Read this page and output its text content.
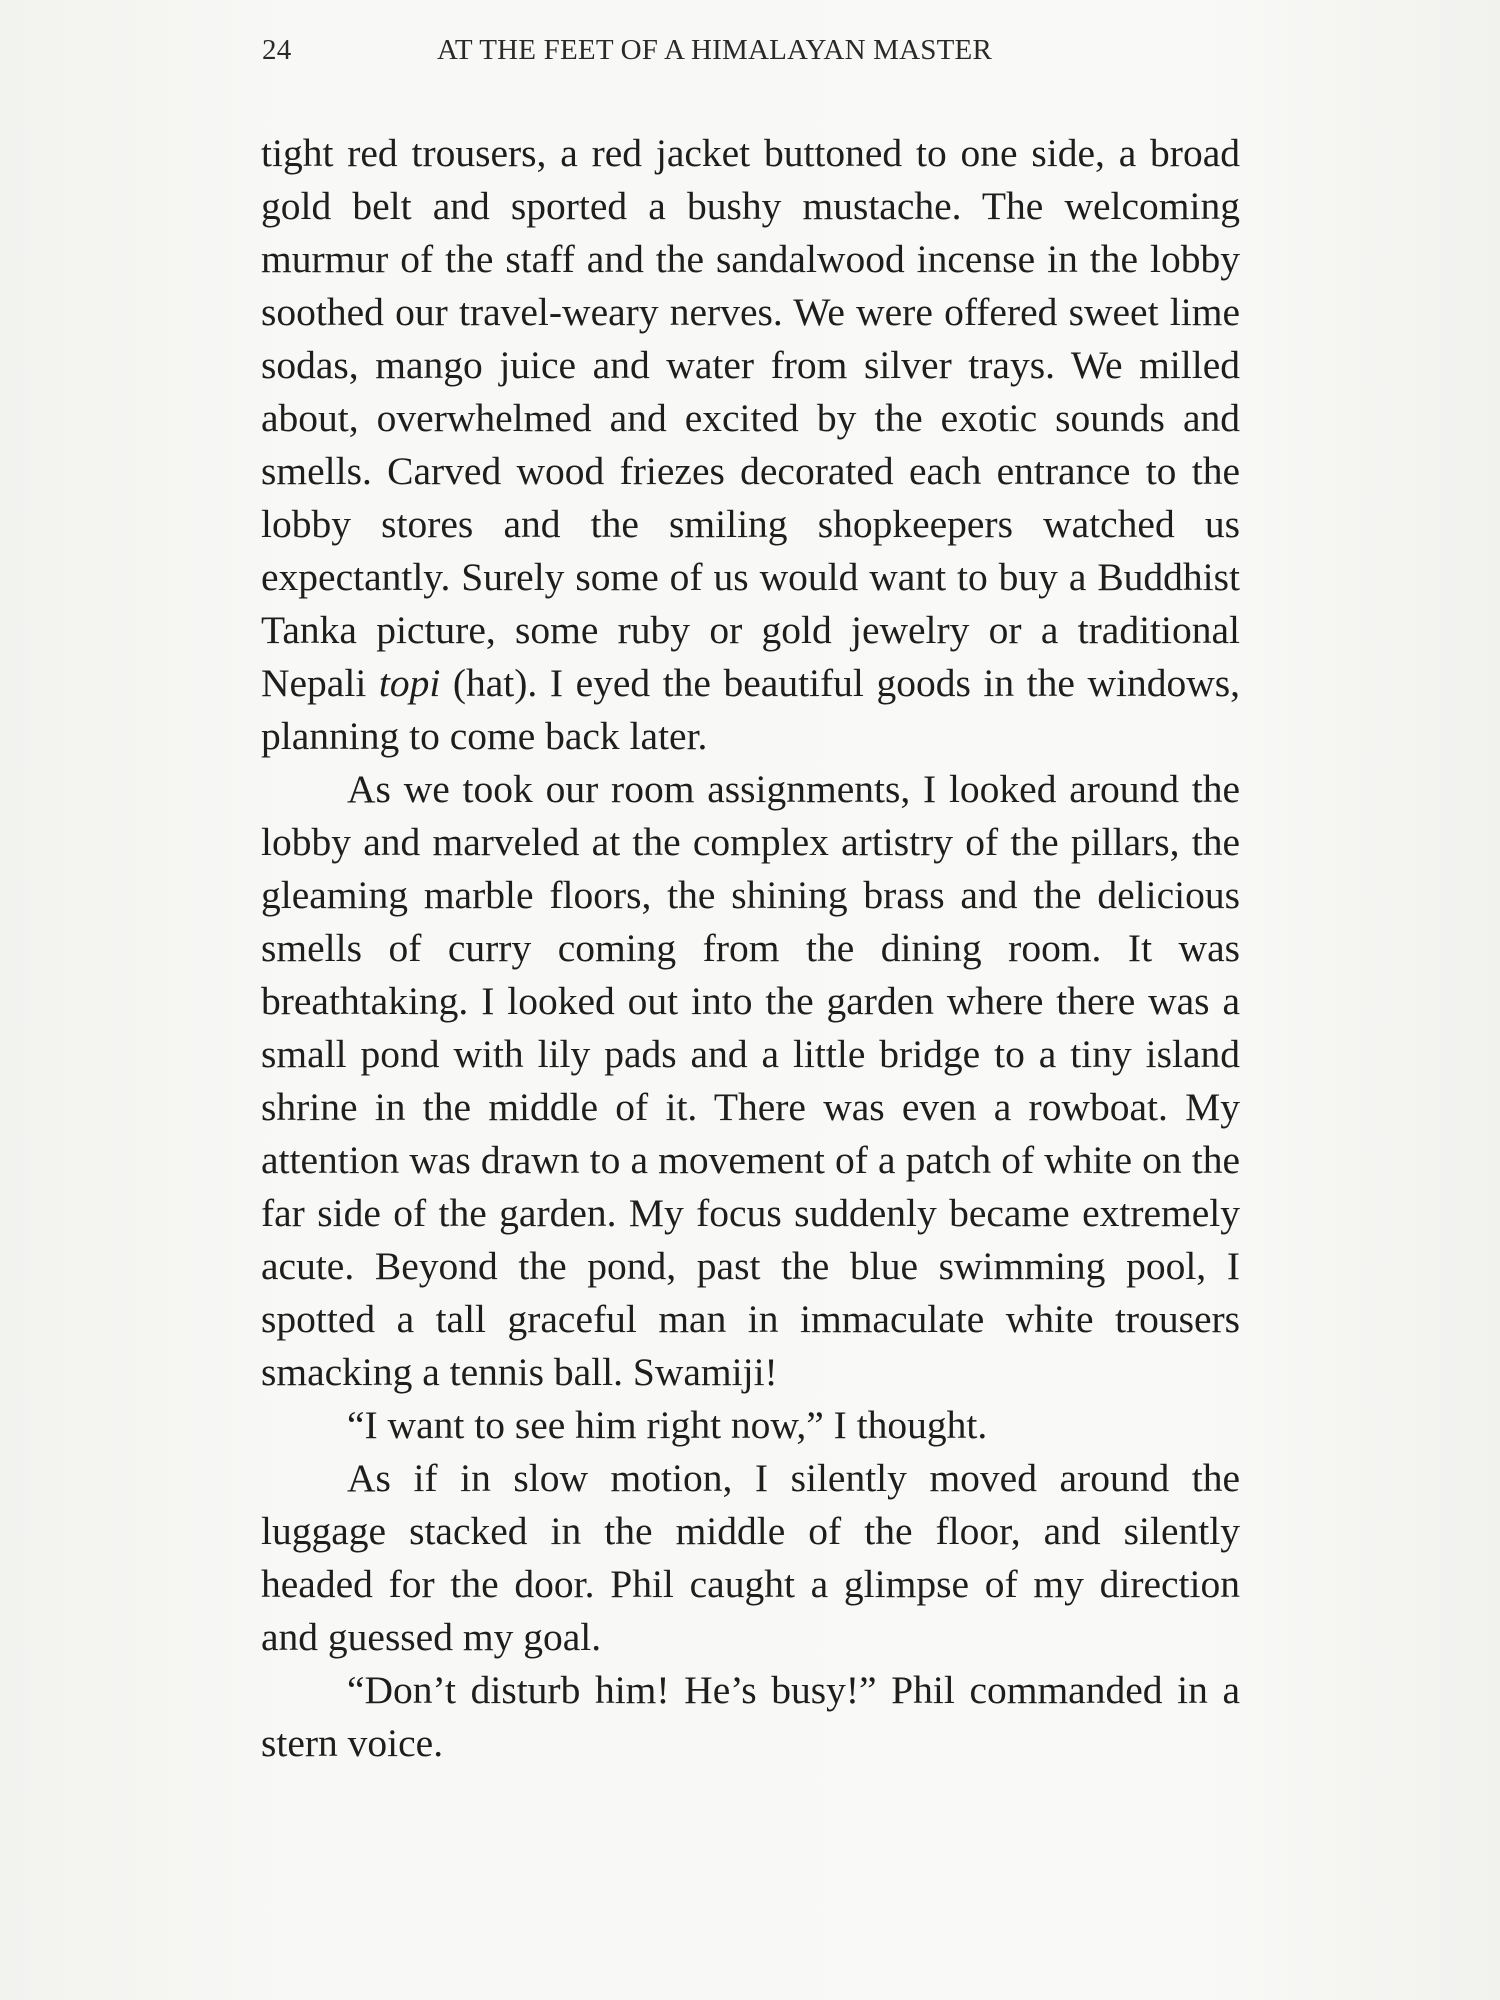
24	AT THE FEET OF A HIMALAYAN MASTER

tight red trousers, a red jacket buttoned to one side, a broad gold belt and sported a bushy mustache. The welcoming murmur of the staff and the sandalwood incense in the lobby soothed our travel-weary nerves. We were offered sweet lime sodas, mango juice and water from silver trays. We milled about, overwhelmed and excited by the exotic sounds and smells. Carved wood friezes decorated each entrance to the lobby stores and the smiling shopkeepers watched us expectantly. Surely some of us would want to buy a Buddhist Tanka picture, some ruby or gold jewelry or a traditional Nepali topi (hat). I eyed the beautiful goods in the windows, planning to come back later.

As we took our room assignments, I looked around the lobby and marveled at the complex artistry of the pillars, the gleaming marble floors, the shining brass and the delicious smells of curry coming from the dining room. It was breathtaking. I looked out into the garden where there was a small pond with lily pads and a little bridge to a tiny island shrine in the middle of it. There was even a rowboat. My attention was drawn to a movement of a patch of white on the far side of the garden. My focus suddenly became extremely acute. Beyond the pond, past the blue swimming pool, I spotted a tall graceful man in immaculate white trousers smacking a tennis ball. Swamiji!

“I want to see him right now,” I thought.

As if in slow motion, I silently moved around the luggage stacked in the middle of the floor, and silently headed for the door. Phil caught a glimpse of my direction and guessed my goal.

“Don’t disturb him! He’s busy!” Phil commanded in a stern voice.
